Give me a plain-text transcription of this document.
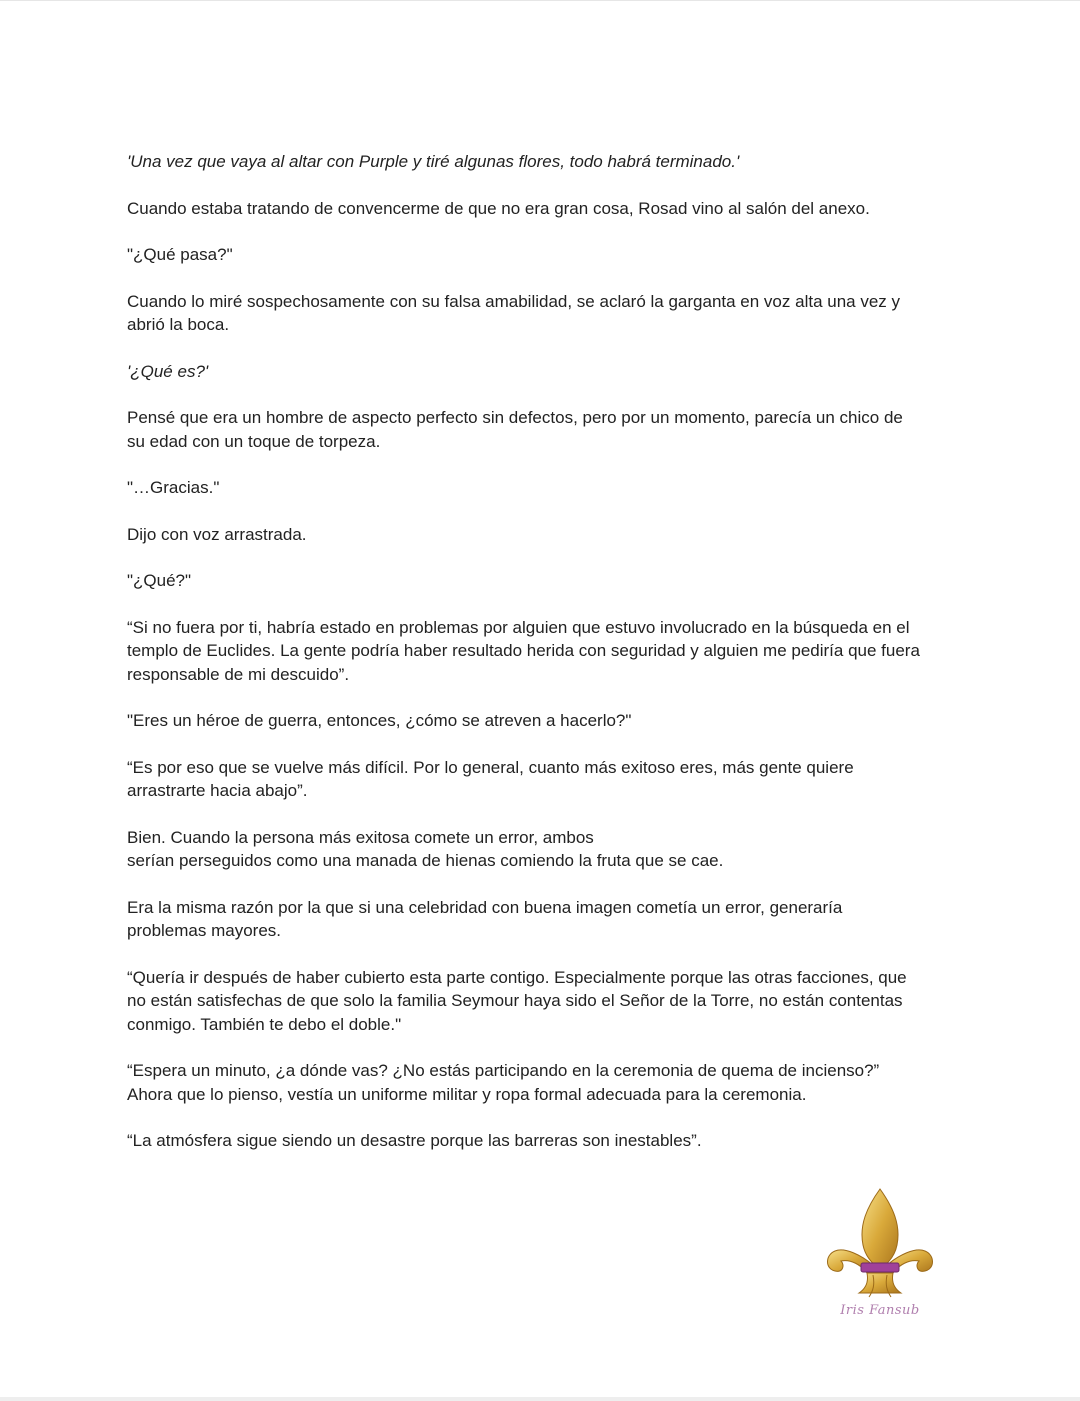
'Una vez que vaya al altar con Purple y tiré algunas flores, todo habrá terminado.'

Cuando estaba tratando de convencerme de que no era gran cosa, Rosad vino al salón del anexo.

"¿Qué pasa?"

Cuando lo miré sospechosamente con su falsa amabilidad, se aclaró la garganta en voz alta una vez y
abrió la boca.

'¿Qué es?'

Pensé que era un hombre de aspecto perfecto sin defectos, pero por un momento, parecía un chico de
su edad con un toque de torpeza.

"…Gracias."

Dijo con voz arrastrada.

"¿Qué?"

“Si no fuera por ti, habría estado en problemas por alguien que estuvo involucrado en la búsqueda en el
templo de Euclides. La gente podría haber resultado herida con seguridad y alguien me pediría que fuera
responsable de mi descuido”.

"Eres un héroe de guerra, entonces, ¿cómo se atreven a hacerlo?"

“Es por eso que se vuelve más difícil. Por lo general, cuanto más exitoso eres, más gente quiere
arrastrarte hacia abajo”.

Bien. Cuando la persona más exitosa comete un error, ambos
serían perseguidos como una manada de hienas comiendo la fruta que se cae.

Era la misma razón por la que si una celebridad con buena imagen cometía un error, generaría
problemas mayores.

“Quería ir después de haber cubierto esta parte contigo. Especialmente porque las otras facciones, que
no están satisfechas de que solo la familia Seymour haya sido el Señor de la Torre, no están contentas
conmigo. También te debo el doble."

“Espera un minuto, ¿a dónde vas? ¿No estás participando en la ceremonia de quema de incienso?”
Ahora que lo pienso, vestía un uniforme militar y ropa formal adecuada para la ceremonia.

“La atmósfera sigue siendo un desastre porque las barreras son inestables”.

Iris Fansub
